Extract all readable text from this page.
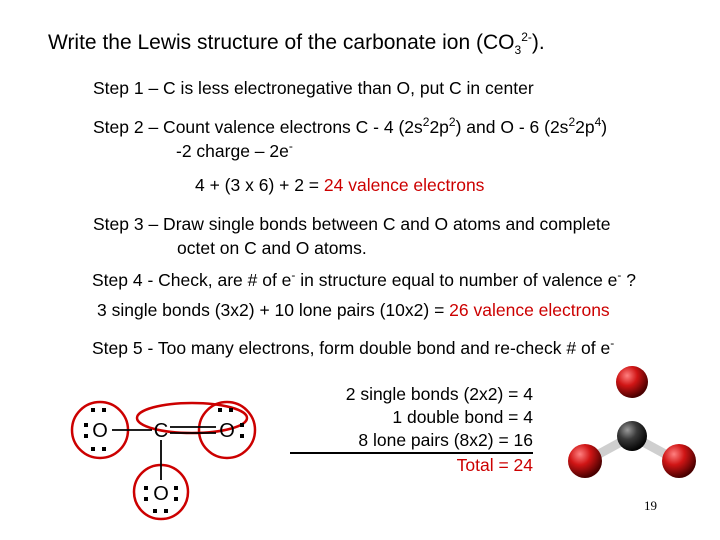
Write the Lewis structure of the carbonate ion $(CO_3^{2-})$.
Step 1 – C is less electronegative than O, put C in center
Step 2 – Count valence electrons C - 4 $(2s^22p^2)$ and O - 6 $(2s^22p^4)$
-2 charge – 2e-
4 + (3 x 6) + 2 = 24 valence electrons
Step 3 – Draw single bonds between C and O atoms and complete
octet on C and O atoms.
Step 4 - Check, are # of e- in structure equal to number of valence e- ?
3 single bonds (3x2) + 10 lone pairs (10x2) = 26 valence electrons
Step 5 - Too many electrons, form double bond and re-check # of e-
O C	O
O
2 single bonds (2x2) = 4
1 double bond = 4
8 lone pairs (8x2) = 16
Total = 24
19
